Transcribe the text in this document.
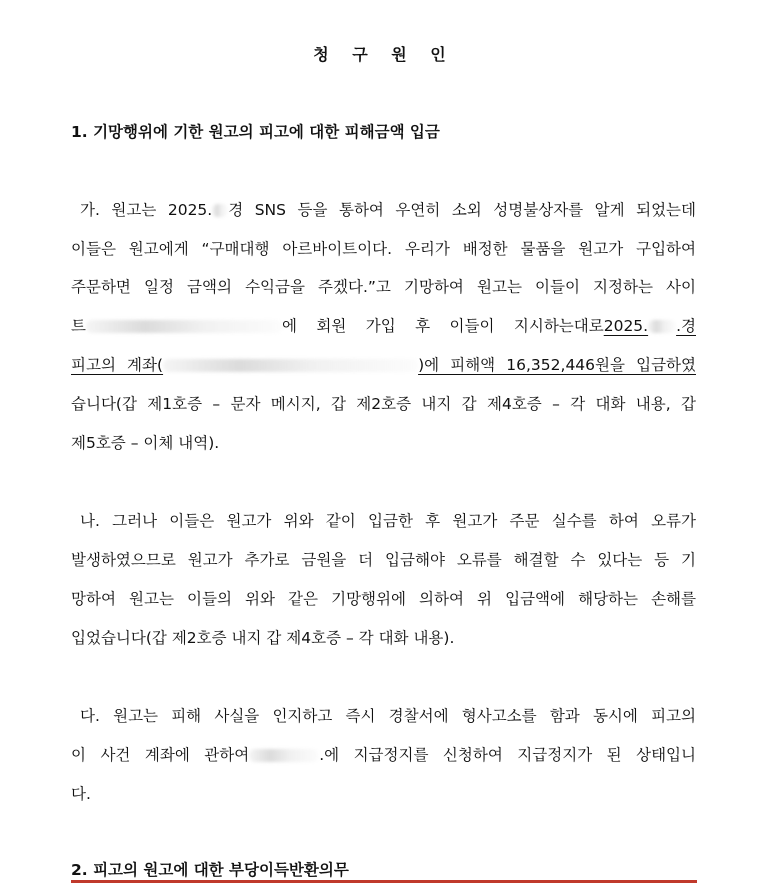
청 구 원 인
1. 기망행위에 기한 원고의 피고에 대한 피해금액 입금
가. 원고는 2025. 경 SNS 등을 통하여 우연히 소외 성명불상자를 알게 되었는데
이들은 원고에게 “구매대행 아르바이트이다. 우리가 배정한 물품을 원고가 구입하여
주문하면 일정 금액의 수익금을 주겠다.”고 기망하여 원고는 이들이 지정하는 사이
트	에 회원 가입 후 이들이 지시하는대로2025. .경
피고의 계좌(	)에 피해액 16,352,446원을 입금하였
습니다(갑 제1호증 – 문자 메시지, 갑 제2호증 내지 갑 제4호증 – 각 대화 내용, 갑
제5호증 – 이체 내역).
나. 그러나 이들은 원고가 위와 같이 입금한 후 원고가 주문 실수를 하여 오류가
발생하였으므로 원고가 추가로 금원을 더 입금해야 오류를 해결할 수 있다는 등 기
망하여 원고는 이들의 위와 같은 기망행위에 의하여 위 입금액에 해당하는 손해를
입었습니다(갑 제2호증 내지 갑 제4호증 – 각 대화 내용).
다. 원고는 피해 사실을 인지하고 즉시 경찰서에 형사고소를 함과 동시에 피고의
이 사건 계좌에 관하여	.에 지급정지를 신청하여 지급정지가 된 상태입니
다.
2. 피고의 원고에 대한 부당이득반환의무
